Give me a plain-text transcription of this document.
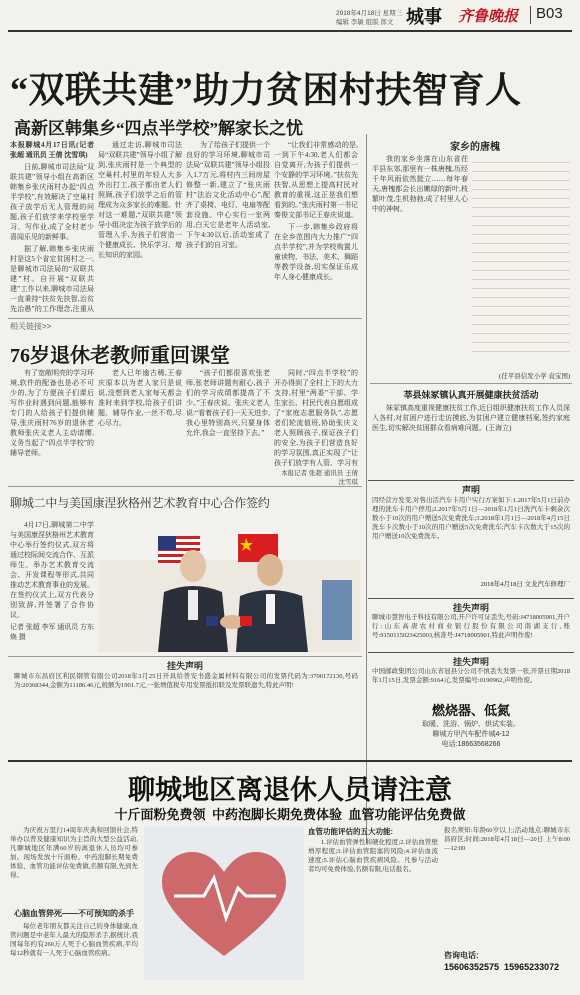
2018年4月18日 星期三
编辑 李敏 组版 郎文 城事 齐鲁晚报 B03
“双联共建”助力贫困村扶智育人
高新区韩集乡“四点半学校”解家长之忧

本报聊城4月17日讯(记者 张超 通讯员 王倩 沈雪琪)

日前,聊城市司法局“双联共建”领导小组在高新区韩集乡张庆雨村办起“四点半学校”,有效解决了空巢村孩子放学后无人管理的问题,孩子们放学来学校里学习、写作业,成了全村老少喜闻乐见的新鲜事。

据了解,韩集乡张庆雨村是这5个省定贫困村之一,是聊城市司法局的“双联共建”村。自开展“双联共建”工作以来,聊城市司法局一直秉持“扶贫先扶智,治贫先治愚”的工作理念,注重从

通过走访,聊城市司法局“双联共建”领导小组了解到,张庆雨村是一个典型的空巢村,村里的年轻人大多外出打工,孩子都由老人们照顾,孩子们放学之后的管理成为众多家长的难题。针对这一难题,“双联共建”领导小组决定为孩子放学后的管理入手,为孩子们营造一个健康成长、快乐学习、增长知识的家园。

为了给孩子们提供一个良好的学习环境,聊城市司法局“双联共建”领导小组投入1.7万元,将村内三间房屋修整一新,建立了“张庆雨村”法治文化活动中心”,配齐了桌椅、电灯、电扇等配套设施。中心实行一室两用,白天它是老年人活动室,下午4:30以后,活动室成了孩子们的自习室。

“让我们非常感动的是,一到下午4:30,老人们都会自觉离开,为孩子们提供一个安静的学习环境。”扶贫先扶智,从思想上提高村民对教育的重视,这正是我们想看到的。”张庆雨村第一书记秦俊文部书记王春庆说道。

下一步,韩集乡政府将在全乡范围内大力推广“四点半学校”,并为学校购置儿童读物、书法、美术、舞蹈等教学设备,切实保证乐成年人身心健康成长。

相关链接>>
76岁退休老教师重回课堂

有了宽敞明亮的学习环境,软件的配备也是必不可少的,为了方便孩子们课后写作业时遇到问题,能够有专门的人给孩子们提供辅导,张庆雨村76岁的退休老教师张庆义老人主动请缨,义务当起了“四点半学校”的辅导老师。

老人已年逾古稀,王春庆原本以为老人家只是说说,没想到老人家每天都会准时来到学校,给孩子们讲题、辅导作业,一丝不苟,尽心尽力。

“孩子们都很喜欢张老师,张老师讲题有耐心,孩子们的学习成绩都提高了不少。”王春庆说。张庆义老人说:“看着孩子们一天天进步,我心里特别高兴,只要身体允许,我会一直坚持下去。”

同时,“四点半学校”的开办得到了全村上下的大力支持,村里“两委”干部、学生家长、村民代表自愿组成了“家庭志愿服务队”,志愿者们轮流值班,协助张庆义老人照顾孩子,保证孩子们的安全,为孩子们营造良好的学习氛围,真正实现了“让孩子们放学有人管、学习有

本报记者 张超 通讯员 王倩 沈雪琪
聊城二中与美国康涅狄格州艺术教育中心合作签约

4月17日,聊城第二中学与美国康涅狄格州艺术教育中心举行签约仪式,双方将通过校际间交流合作、互派师生、举办艺术教育交流会、开发课程等形式,共同推动艺术教育事业的发展。在签约仪式上,双方代表分别致辞,并签署了合作协议。

记者 张超 李军 通讯员 方东焕 摄

挂失声明
聊城市东昌府区利民钢管有限公司2018年3月25日开具给普安书盛金属材料有限公司的发票代码为:3700172130,号码为:20368344,金额为11186.46元,税额为1901.7元,一张增值税专用发票抵扣联及发票联遗失,特此声明!
家乡的唐槐

我的家乡坐落在山东省茌平县东郊,那里有一株唐槐,历经千年风雨依然挺立……每年春天,唐槐都会长出嫩绿的新叶,枝繁叶茂,生机勃勃,成了村里人心中的神树。

(茌平县信发小学 袁宝国)
莘县妹冢镇认真开展健康扶贫活动

妹冢镇高度重视健康扶贫工作,近日组织健康扶贫工作人员深入各村,对贫困户进行走访摸底,为贫困户建立健康档案,签约家庭医生,切实解决贫困群众看病难问题。(王海立)

声明
因经营方发变,对售出活汽车卡用户实行方案如下:1.2017年5月1日前办理的洗车卡用户停用;2.2017年5月1日—2018年1月1日洗汽车卡剩余次数小于10次的用户赠送5次免费洗车;3.2018年1月1日—2018年4月15日洗车卡次数小于10次的用户赠送5次免费洗车;汽车卡次数大于15次的用户赠送10次免费洗车。
2018年4月18日 文龙汽车修理厂
挂失声明
聊城市慧智电子科技有限公司,开户许可证丢失,号码:J4718005901,开户行:山东高唐农村商业银行股份有限公司南湖支行,账号:9150115023425003,核准号:J4718005901,特此声明作废!
挂失声明
中国邮政集团公司山东省冠县分公司不慎丢失发票一张,开票日期2018年1月15日,发票金额:9164元,发票编号:0190962,声明作废。
燃烧器、低氮
取暖、洗浴、锅炉、烘试实装。
聊城方甲汽车配件城4-12
电话:18663568266
聊城地区离退休人员请注意
十斤面粉免费领  中药泡脚长期免费体验  血管功能评估免费做

为庆祝万里行14周年庆典和回馈社会,特举办以普及健康知识为主旨的大型公益活动,凡聊城地区年满60岁的离退休人员均可参加。现场发放十斤面粉、中药泡脚长期免费体验、血管功能评估免费做,名额有限,先到先得。

心脑血管猝死——不可预知的杀手

每位老年朋友都关注自己的身体健康,血管问题是中老年人最大的隐形杀手,据统计,我国每年约有260万人死于心脑血管疾病,平均每12秒就有一人死于心脑血管疾病。

血管功能评估的五大功能:

1.评估血管弹性和硬化程度;2.评估血管壁增厚程度;3.评估血管阻塞的风险;4.评估血流速度;5.评估心脑血管疾病风险。凡参与活动者均可免费体验,名额有限,电话报名。

报名须知:年龄60岁以上;活动地点:聊城市东昌府区;时间:2018年4月18日—20日 上午8:00—12:00

咨询电话:
15606352575  15965233072
